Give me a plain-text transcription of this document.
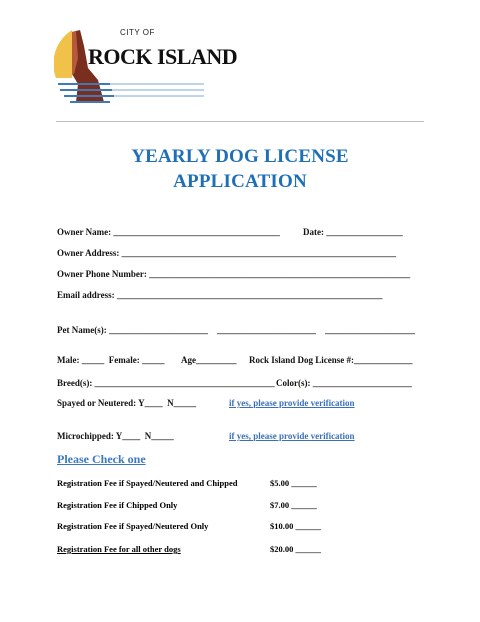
CITY OF
ROCK ISLAND
YEARLY DOG LICENSE
APPLICATION
Owner Name: _____________________________________	Date: _________________
Owner Address: _____________________________________________________________
Owner Phone Number: __________________________________________________________
Email address: ___________________________________________________________
Pet Name(s): ______________________    ______________________    ____________________
Male: _____  Female: _____ Age_________ Rock Island Dog License #:_____________
Breed(s): ________________________________________ Color(s): ______________________
Spayed or Neutered: Y____  N_____	if yes, please provide verification
Microchipped: Y____  N_____	if yes, please provide verification
Please Check one
Registration Fee if Spayed/Neutered and Chipped	$5.00 ______
Registration Fee if Chipped Only	$7.00 ______
Registration Fee if Spayed/Neutered Only	$10.00 ______
Registration Fee for all other dogs	$20.00 ______
